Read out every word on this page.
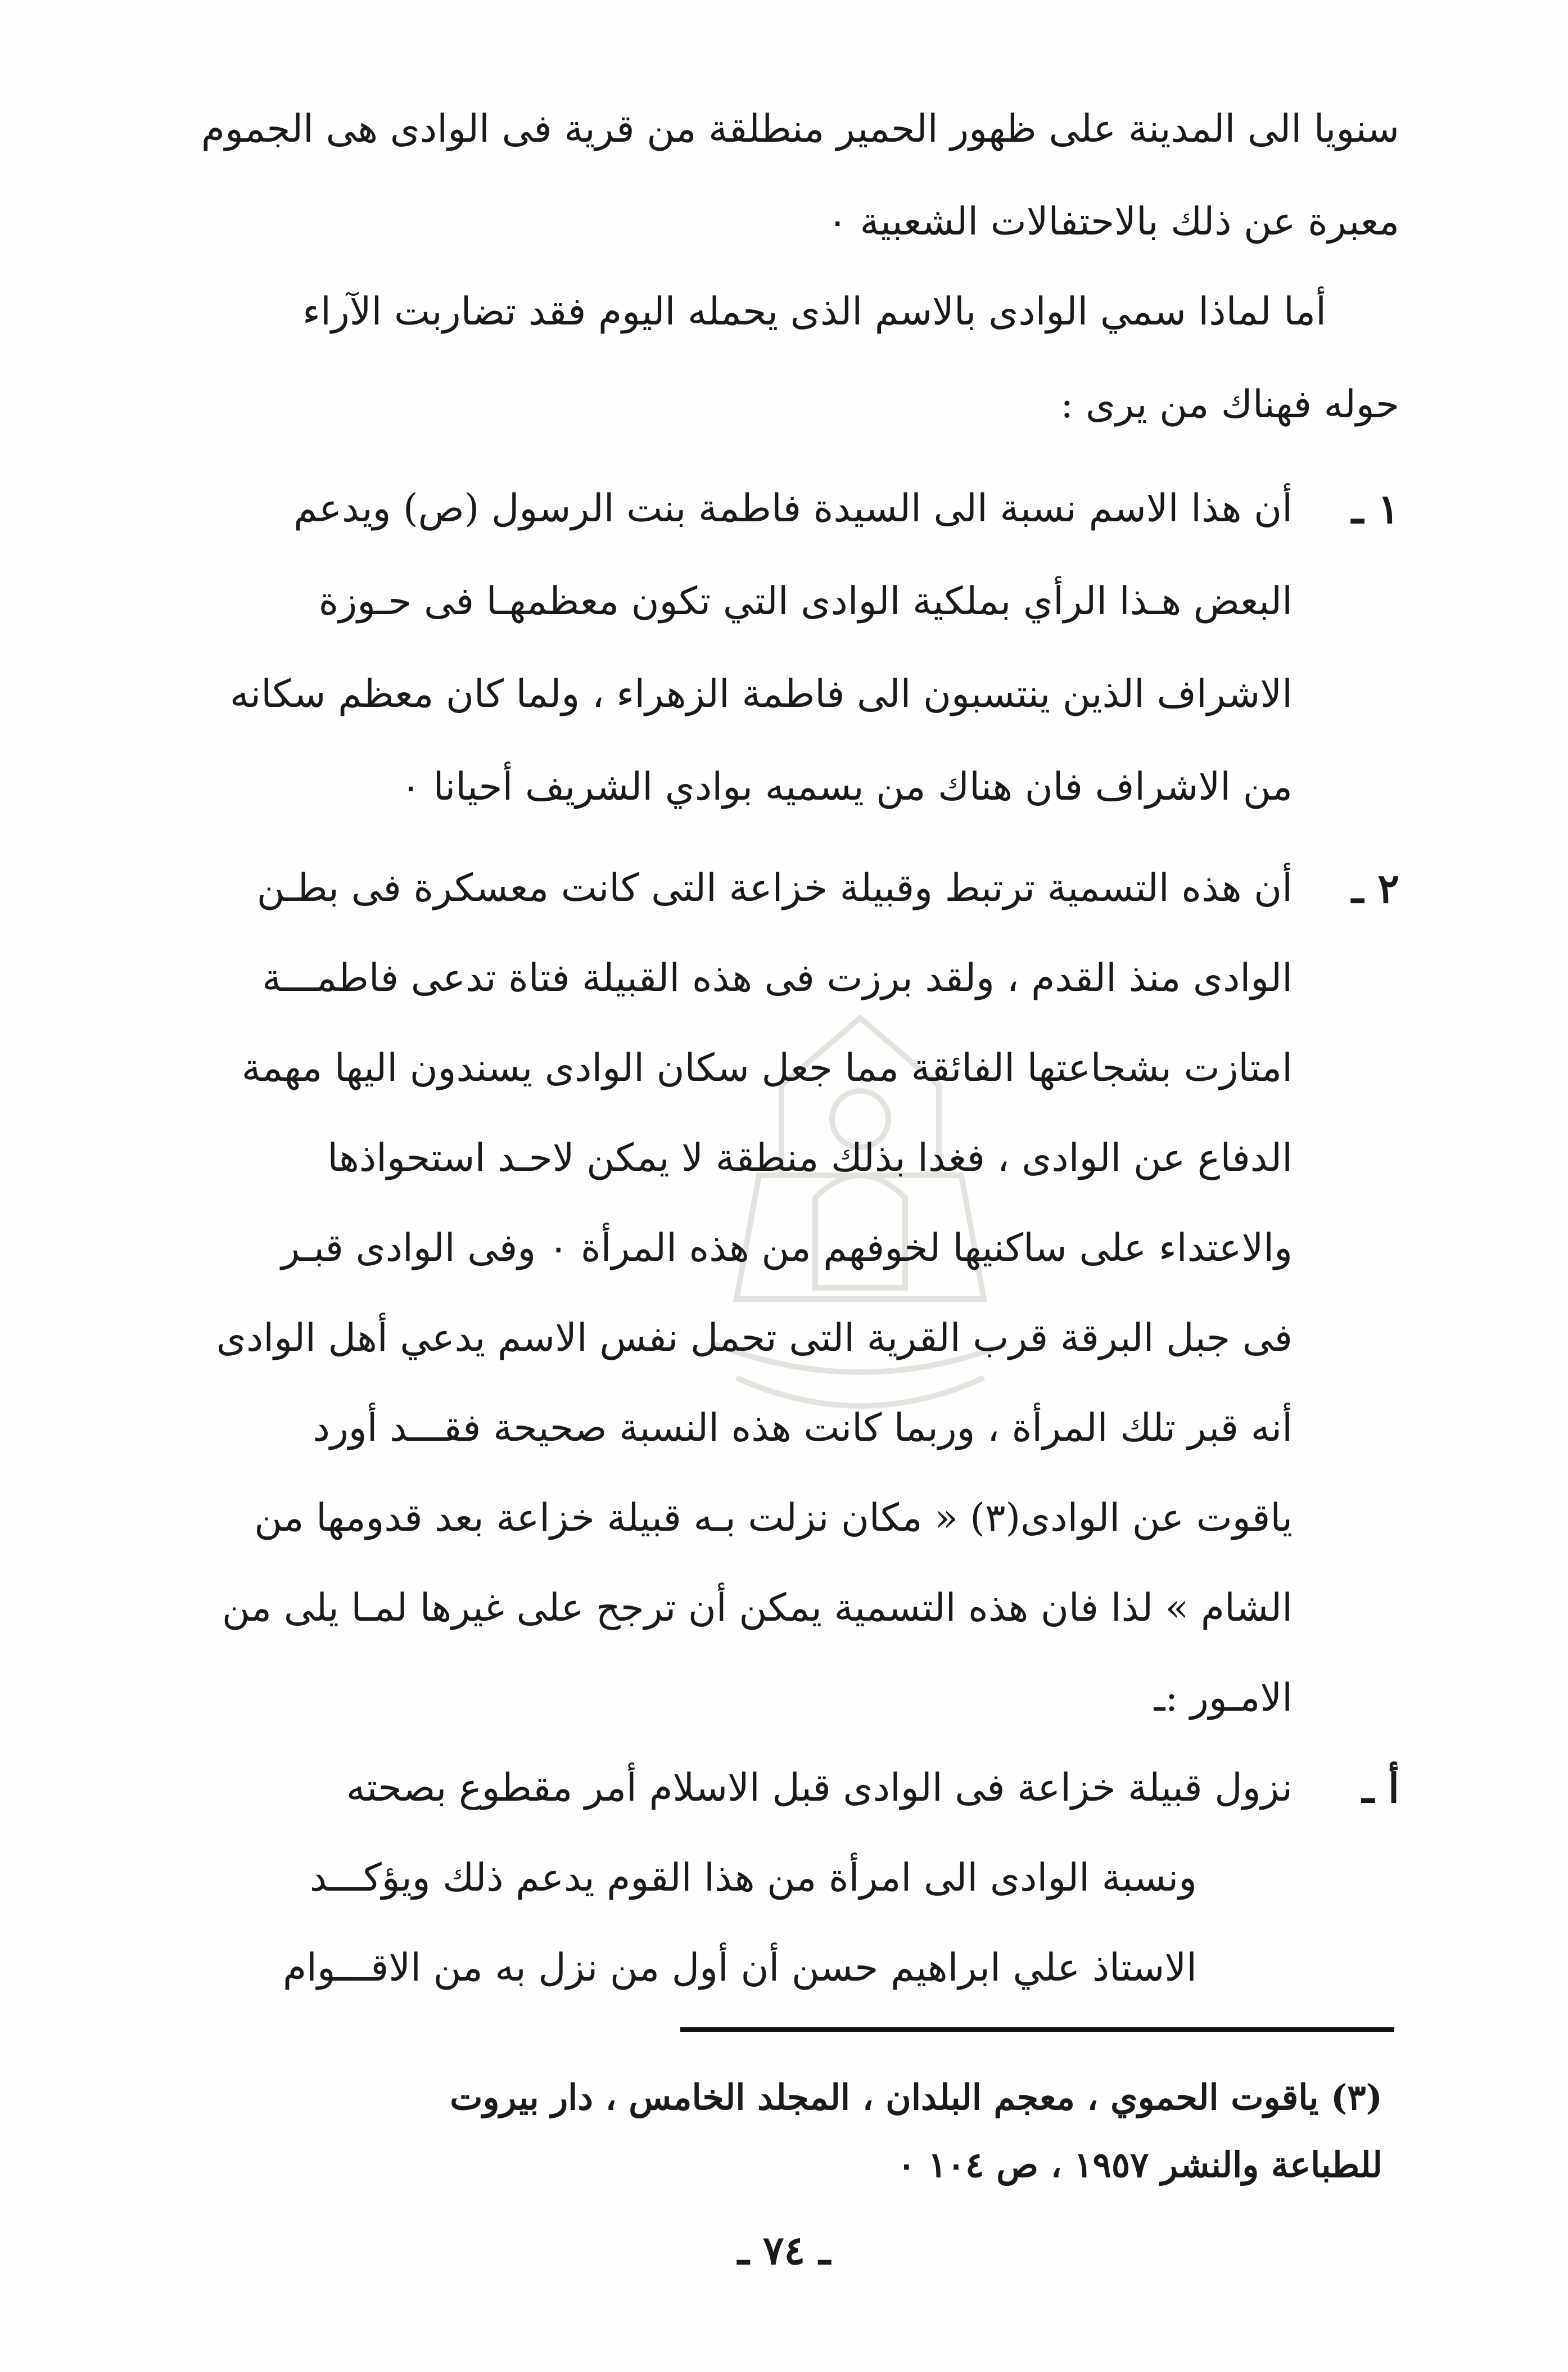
سنويا الى المدينة على ظهور الحمير منطلقة من قرية فى الوادى هى الجموم
معبرة عن ذلك بالاحتفالات الشعبية ٠
أما لماذا سمي الوادى بالاسم الذى يحمله اليوم فقد تضاربت الآراء
حوله فهناك من يرى :
١ ـ
أن هذا الاسم نسبة الى السيدة فاطمة بنت الرسول (ص) ويدعم
البعض هـذا الرأي بملكية الوادى التي تكون معظمهـا فى حـوزة
الاشراف الذين ينتسبون الى فاطمة الزهراء ، ولما كان معظم سكانه
من الاشراف فان هناك من يسميه بوادي الشريف أحيانا ٠
٢ ـ
أن هذه التسمية ترتبط وقبيلة خزاعة التى كانت معسكرة فى بطـن
الوادى منذ القدم ، ولقد برزت فى هذه القبيلة فتاة تدعى فاطمـــة
امتازت بشجاعتها الفائقة مما جعل سكان الوادى يسندون اليها مهمة
الدفاع عن الوادى ، فغدا بذلك منطقة لا يمكن لاحـد استحواذها
والاعتداء على ساكنيها لخوفهم من هذه المرأة ٠ وفى الوادى قبـر
فى جبل البرقة قرب القرية التى تحمل نفس الاسم يدعي أهل الوادى
أنه قبر تلك المرأة ، وربما كانت هذه النسبة صحيحة فقـــد أورد
ياقوت عن الوادى(٣) « مكان نزلت بـه قبيلة خزاعة بعد قدومها من
الشام » لذا فان هذه التسمية يمكن أن ترجح على غيرها لمـا يلى من
الامـور :ـ
أ ـ
نزول قبيلة خزاعة فى الوادى قبل الاسلام أمر مقطوع بصحته
ونسبة الوادى الى امرأة من هذا القوم يدعم ذلك ويؤكـــد
الاستاذ علي ابراهيم حسن أن أول من نزل به من الاقـــوام
(٣) ياقوت الحموي ، معجم البلدان ، المجلد الخامس ، دار بيروت
للطباعة والنشر ١٩٥٧ ، ص ١٠٤ ٠
ـ ٧٤ ـ
